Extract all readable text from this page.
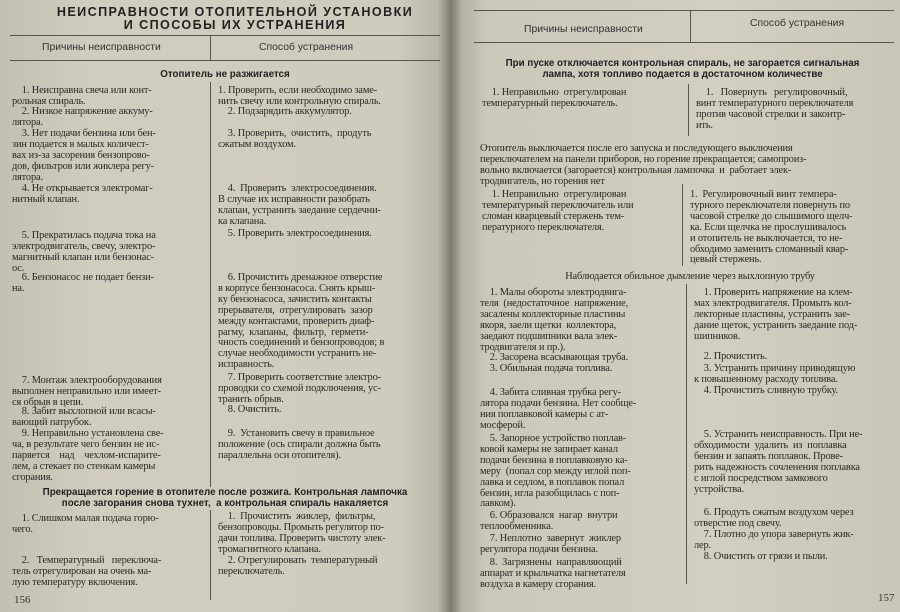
НЕИСПРАВНОСТИ ОТОПИТЕЛЬНОЙ УСТАНОВКИ
И СПОСОБЫ ИХ УСТРАНЕНИЯ
Причины неисправности	Способ устранения
Отопитель не разжигается
1. Неисправна свеча или конт-
рольная спираль.
2. Низкое напряжение аккуму-
лятора.
3. Нет подачи бензина или бен-
зин подается в малых количест-
вах из-за засорения бензопрово-
дов, фильтров или жиклера регу-
лятора.
4. Не открывается электромаг-
нитный клапан.
5. Прекратилась подача тока на
электродвигатель, свечу, электро-
магнитный клапан или бензонас-
ос.
6. Бензонасос не подает бензи-
на.
7. Монтаж электрооборудования
выполнен неправильно или имеет-
ся обрыв в цепи.
8. Забит выхлопной или всасы-
вающий патрубок.
9. Неправильно установлена све-
ча, в результате чего бензин не ис-
паряется    над    чехлом-испарите-
лем, а стекает по стенкам камеры
сгорания.
1. Проверить, если необходимо заме-
нить свечу или контрольную спираль.
2. Подзарядить аккумулятор.
3. Проверить,  очистить,  продуть
сжатым воздухом.
4.  Проверить  электросоединения.
В случае их исправности разобрать
клапан, устранить заедание сердечни-
ка клапана.
5. Проверить электросоединения.
6. Прочистить дренажное отверстие
в корпусе бензонасоса. Снять крыш-
ку бензонасоса, зачистить контакты
прерывателя,  отрегулировать  зазор
между контактами, проверить диаф-
рагму,  клапаны,  фильтр,  гермети-
чность соединений и бензопроводов; в
случае необходимости устранить не-
исправность.
7. Проверить соответствие электро-
проводки со схемой подключения, ус-
транить обрыв.
8. Очистить.
9.  Установить свечу в правильное
положение (ось спирали должна быть
параллельна оси отопителя).
Прекращается горение в отопителе после розжига. Контрольная лампочка
после загорания снова тухнет,  а контрольная спираль накаляется
1. Слишком малая подача горю-
чего.
2.   Температурный   переключа-
тель отрегулирован на очень ма-
лую температуру включения.
1.  Прочистить  жиклер,  фильтры,
бензопроводы. Промыть регулятор по-
дачи топлива. Проверить чистоту элек-
тромагнитного клапана.
2. Отрегулировать  температурный
переключатель.
156
Причины неисправности
Способ устранения
При пуске отключается контрольная спираль, не загорается сигнальная
лампа, хотя топливо подается в достаточном количестве
1. Неправильно  отрегулирован
температурный переключатель.
1.   Повернуть   регулировочный,
винт температурного переключателя
против часовой стрелки и законтр-
ить.
Отопитель выключается после его запуска и последующего выключения
переключателем на панели приборов, но горение прекращается; самопроиз-
вольно включается (загорается) контрольная лампочка  и  работает элек-
тродвигатель, но горения нет
1. Неправильно  отрегулирован
температурный переключатель или
сломан кварцевый стержень тем-
пературного переключателя.
1.  Регулировочный винт темпера-
турного переключателя повернуть по
часовой стрелке до слышимого щелч-
ка. Если щелчка не прослушивалось
и отопитель не выключается, то не-
обходимо заменить сломанный квар-
цевый стержень.
Наблюдается обильное дымление через выхлопную трубу
1. Малы обороты электродвига-
теля  (недостаточное  напряжение,
засалены коллекторные пластины
якоря, заели щетки  коллектора,
заедают подшипники вала элек-
тродвигателя и пр.).
2. Засорена всасывающая труба.
3. Обильная подача топлива.
4. Забита сливная трубка регу-
лятора подачи бензина. Нет сообще-
ния поплавковой камеры с ат-
мосферой.
5. Запорное устройство поплав-
ковой камеры не запирает канал
подачи бензина в поплавковую ка-
меру  (попал сор между иглой поп-
лавка и седлом, в поплавок попал
бензин, игла разобщилась с поп-
лавком).
6. Образовался  нагар  внутри
теплообменника.
7. Неплотно  завернут  жиклер
регулятора подачи бензина.
8.  Загрязнены  направляющий
аппарат и крыльчатка нагнетателя
воздуха в камеру сгорания.
1. Проверить напряжение на клем-
мах электродвигателя. Промыть кол-
лекторные пластины, устранить зае-
дание щеток, устранить заедание под-
шипников.
2. Прочистить.
3. Устранить причину приводящую
к повышенному расходу топлива.
4. Прочистить сливную трубку.
5. Устранить неисправность. При не-
обходимости  удалить  из  поплавка
бензин и запаять поплавок. Прове-
рить надежность сочленения поплавка
с иглой посредством замкового
устройства.
6. Продуть сжатым воздухом через
отверстие под свечу.
7. Плотно до упора завернуть жик-
лер.
8. Очистить от грязи и пыли.
157
